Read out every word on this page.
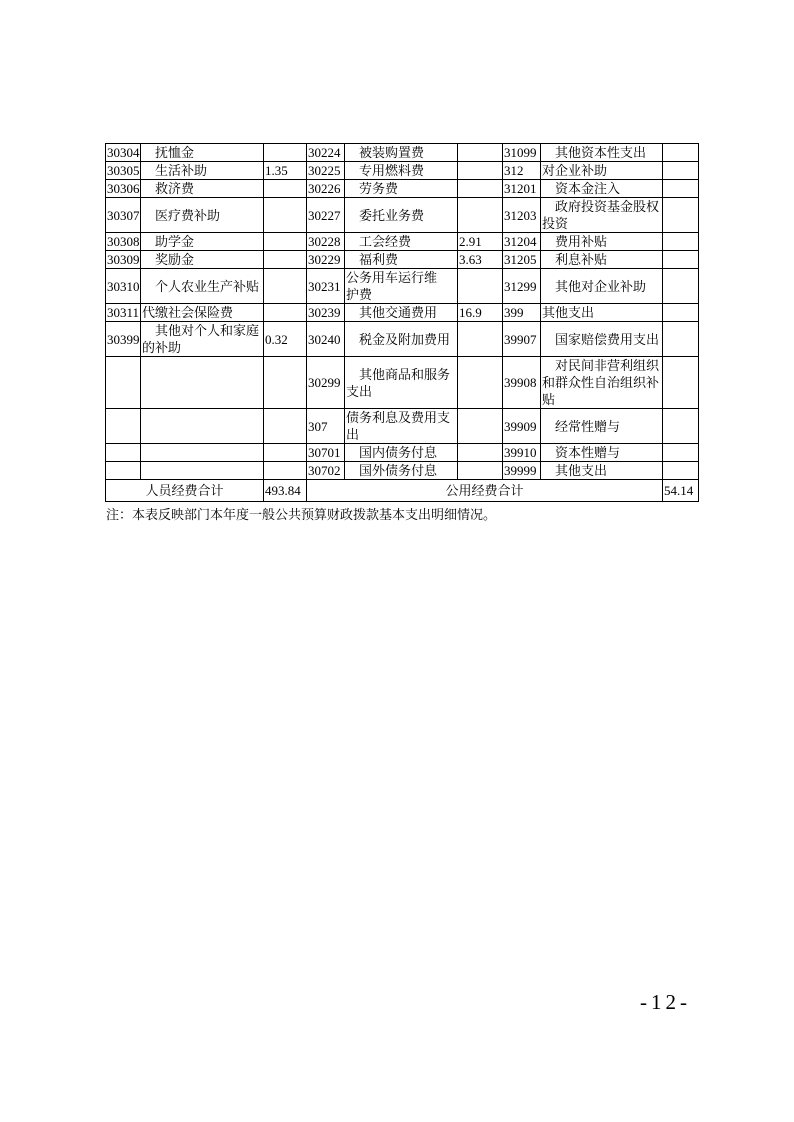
30304	抚恤金		30224	被装购置费		31099	其他资本性支出	
30305	生活补助	1.35	30225	专用燃料费		312	对企业补助	
30306	救济费		30226	劳务费		31201	资本金注入	
30307	医疗费补助		30227	委托业务费		31203	政府投资基金股权投资	
30308	助学金		30228	工会经费	2.91	31204	费用补贴	
30309	奖励金		30229	福利费	3.63	31205	利息补贴	
30310	个人农业生产补贴		30231	公务用车运行维护费		31299	其他对企业补助	
30311	代缴社会保险费		30239	其他交通费用	16.9	399	其他支出	
30399	其他对个人和家庭的补助	0.32	30240	税金及附加费用		39907	国家赔偿费用支出	
			30299	其他商品和服务支出		39908	对民间非营利组织和群众性自治组织补贴	
			307	债务利息及费用支出		39909	经常性赠与	
			30701	国内债务付息		39910	资本性赠与	
			30702	国外债务付息		39999	其他支出	
人员经费合计		493.84	公用经费合计					54.14
注：本表反映部门本年度一般公共预算财政拨款基本支出明细情况。
-12-
